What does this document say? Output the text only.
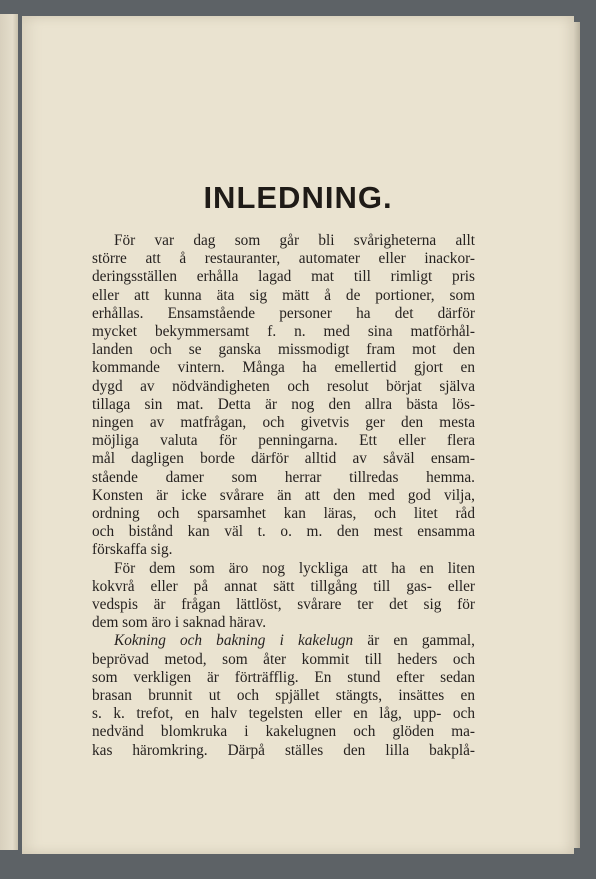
INLEDNING.
För var dag som går bli svårigheterna allt
större att å restauranter, automater eller inackor-
deringsställen erhålla lagad mat till rimligt pris
eller att kunna äta sig mätt å de portioner, som
erhållas. Ensamstående personer ha det därför
mycket bekymmersamt f. n. med sina matförhål-
landen och se ganska missmodigt fram mot den
kommande vintern. Många ha emellertid gjort en
dygd av nödvändigheten och resolut börjat själva
tillaga sin mat. Detta är nog den allra bästa lös-
ningen av matfrågan, och givetvis ger den mesta
möjliga valuta för penningarna. Ett eller flera
mål dagligen borde därför alltid av såväl ensam-
stående damer som herrar tillredas hemma.
Konsten är icke svårare än att den med god vilja,
ordning och sparsamhet kan läras, och litet råd
och bistånd kan väl t. o. m. den mest ensamma
förskaffa sig.
För dem som äro nog lyckliga att ha en liten
kokvrå eller på annat sätt tillgång till gas- eller
vedspis är frågan lättlöst, svårare ter det sig för
dem som äro i saknad härav.
Kokning och bakning i kakelugn är en gammal,
beprövad metod, som åter kommit till heders och
som verkligen är förträfflig. En stund efter sedan
brasan brunnit ut och spjället stängts, insättes en
s. k. trefot, en halv tegelsten eller en låg, upp- och
nedvänd blomkruka i kakelugnen och glöden ma-
kas häromkring. Därpå ställes den lilla bakplå-
